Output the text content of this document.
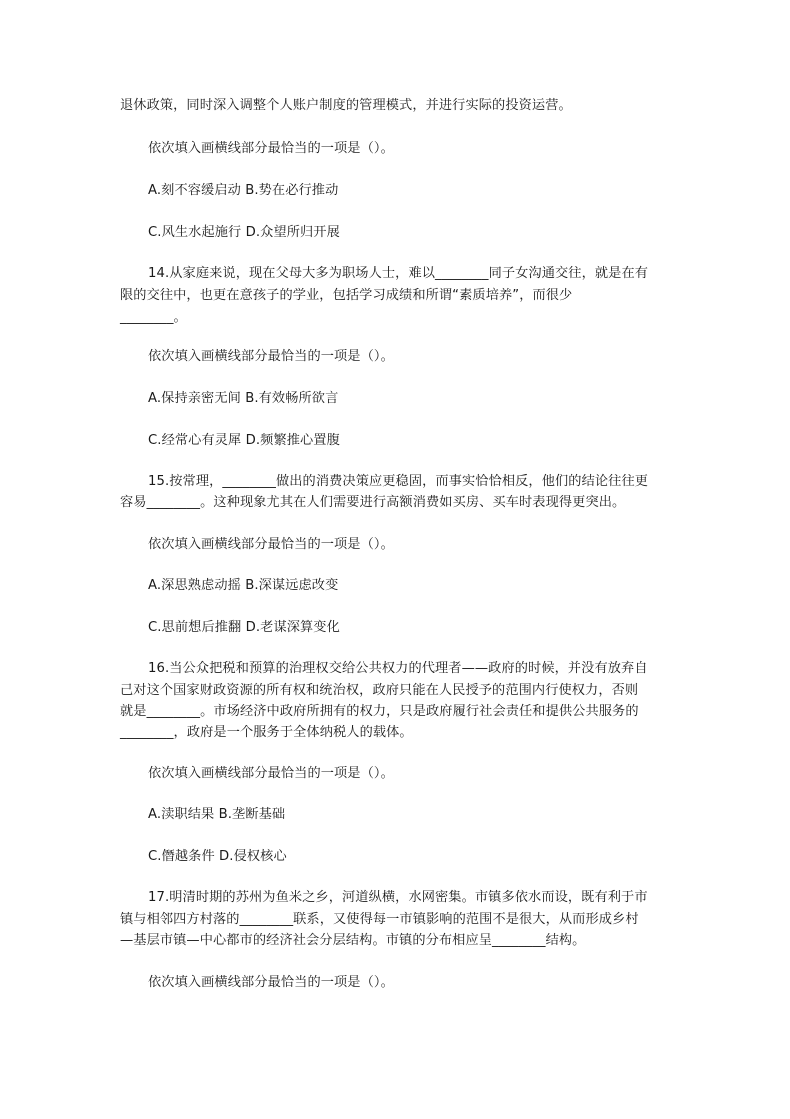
退休政策，同时深入调整个人账户制度的管理模式，并进行实际的投资运营。
依次填入画横线部分最恰当的一项是（）。
A.刻不容缓启动 B.势在必行推动
C.风生水起施行 D.众望所归开展
14.从家庭来说，现在父母大多为职场人士，难以________同子女沟通交往，就是在有
限的交往中，也更在意孩子的学业，包括学习成绩和所谓“素质培养”，而很少
________。
依次填入画横线部分最恰当的一项是（）。
A.保持亲密无间 B.有效畅所欲言
C.经常心有灵犀 D.频繁推心置腹
15.按常理，________做出的消费决策应更稳固，而事实恰恰相反，他们的结论往往更
容易________。这种现象尤其在人们需要进行高额消费如买房、买车时表现得更突出。
依次填入画横线部分最恰当的一项是（）。
A.深思熟虑动摇 B.深谋远虑改变
C.思前想后推翻 D.老谋深算变化
16.当公众把税和预算的治理权交给公共权力的代理者——政府的时候，并没有放弃自
己对这个国家财政资源的所有权和统治权，政府只能在人民授予的范围内行使权力，否则
就是________。市场经济中政府所拥有的权力，只是政府履行社会责任和提供公共服务的
________，政府是一个服务于全体纳税人的载体。
依次填入画横线部分最恰当的一项是（）。
A.渎职结果 B.垄断基础
C.僭越条件 D.侵权核心
17.明清时期的苏州为鱼米之乡，河道纵横，水网密集。市镇多依水而设，既有利于市
镇与相邻四方村落的________联系，又使得每一市镇影响的范围不是很大，从而形成乡村
—基层市镇—中心都市的经济社会分层结构。市镇的分布相应呈________结构。
依次填入画横线部分最恰当的一项是（）。
